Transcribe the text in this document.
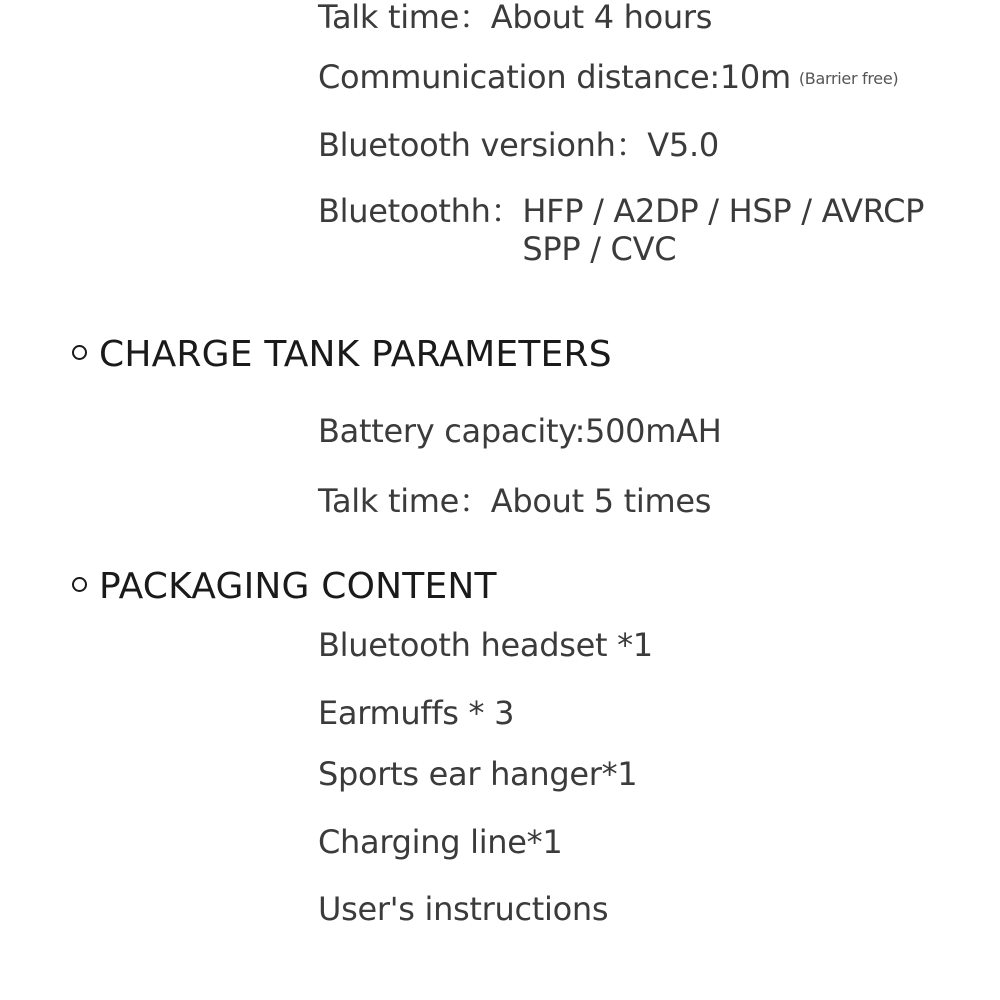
Talk time：About 4 hours
Communication distance:10m (Barrier free)
Bluetooth versionh：V5.0
Bluetoothh： HFP / A2DP / HSP / AVRCP
SPP / CVC
CHARGE TANK PARAMETERS
Battery capacity:500mAH
Talk time：About 5 times
PACKAGING CONTENT
Bluetooth headset *1
Earmuffs * 3
Sports ear hanger*1
Charging line*1
User's instructions
